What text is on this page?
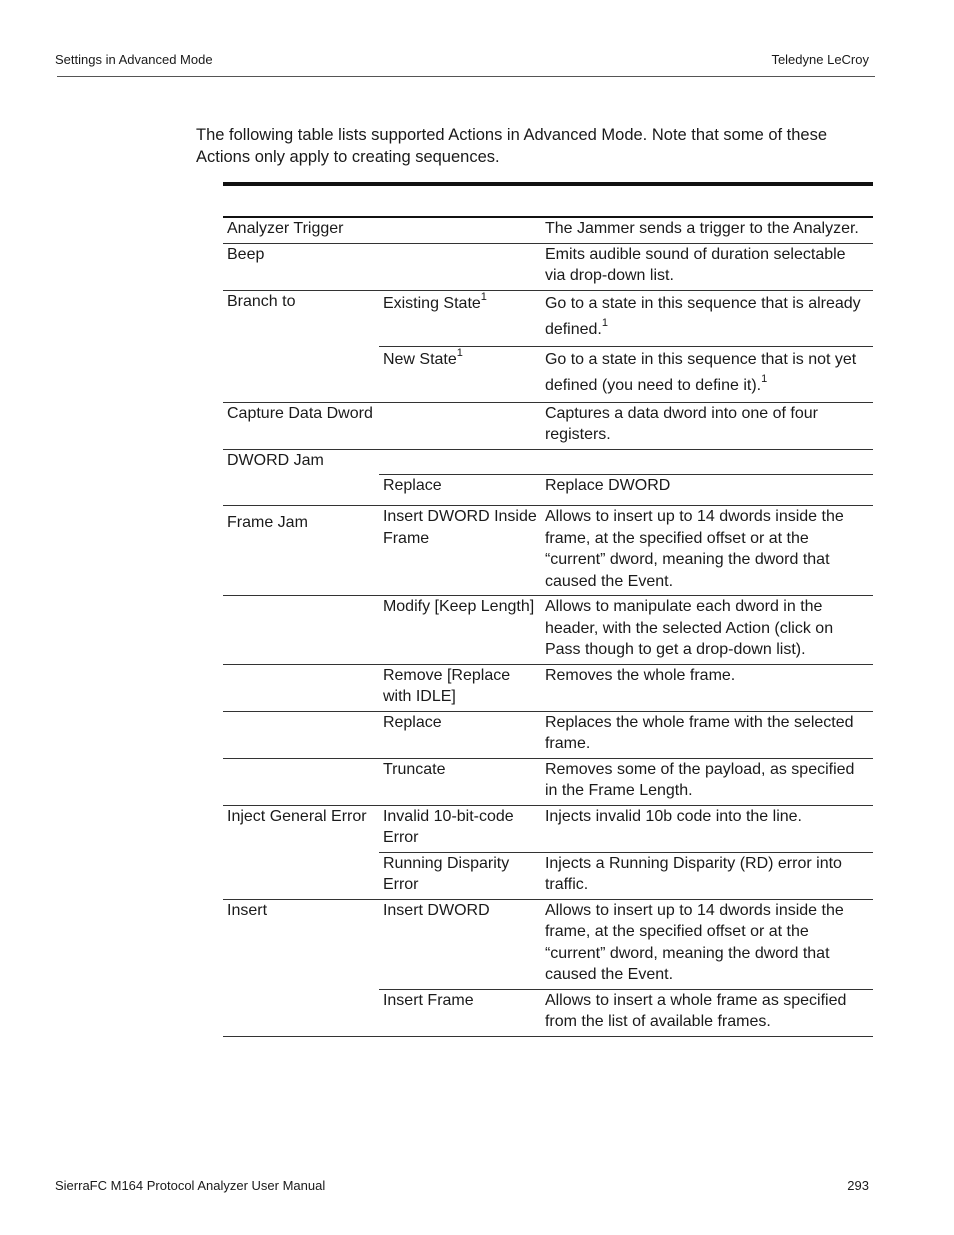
Settings in Advanced Mode	Teledyne LeCroy

The following table lists supported Actions in Advanced Mode. Note that some of these Actions only apply to creating sequences.

Analyzer Trigger		The Jammer sends a trigger to the Analyzer.
Beep		Emits audible sound of duration selectable via drop-down list.
Branch to	Existing State$^1$	Go to a state in this sequence that is already defined.$^1$
	New State$^1$	Go to a state in this sequence that is not yet defined (you need to define it).$^1$
Capture Data Dword		Captures a data dword into one of four registers.
DWORD Jam		
	Replace	Replace DWORD
Frame Jam	Insert DWORD Inside Frame	Allows to insert up to 14 dwords inside the frame, at the specified offset or at the “current” dword, meaning the dword that caused the Event.
	Modify [Keep Length]	Allows to manipulate each dword in the header, with the selected Action (click on Pass though to get a drop-down list).
	Remove [Replace with IDLE]	Removes the whole frame.
	Replace	Replaces the whole frame with the selected frame.
	Truncate	Removes some of the payload, as specified in the Frame Length.
Inject General Error	Invalid 10-bit-code Error	Injects invalid 10b code into the line.
	Running Disparity Error	Injects a Running Disparity (RD) error into traffic.
Insert	Insert DWORD	Allows to insert up to 14 dwords inside the frame, at the specified offset or at the “current” dword, meaning the dword that caused the Event.
	Insert Frame	Allows to insert a whole frame as specified from the list of available frames.
SierraFC M164 Protocol Analyzer User Manual	293
